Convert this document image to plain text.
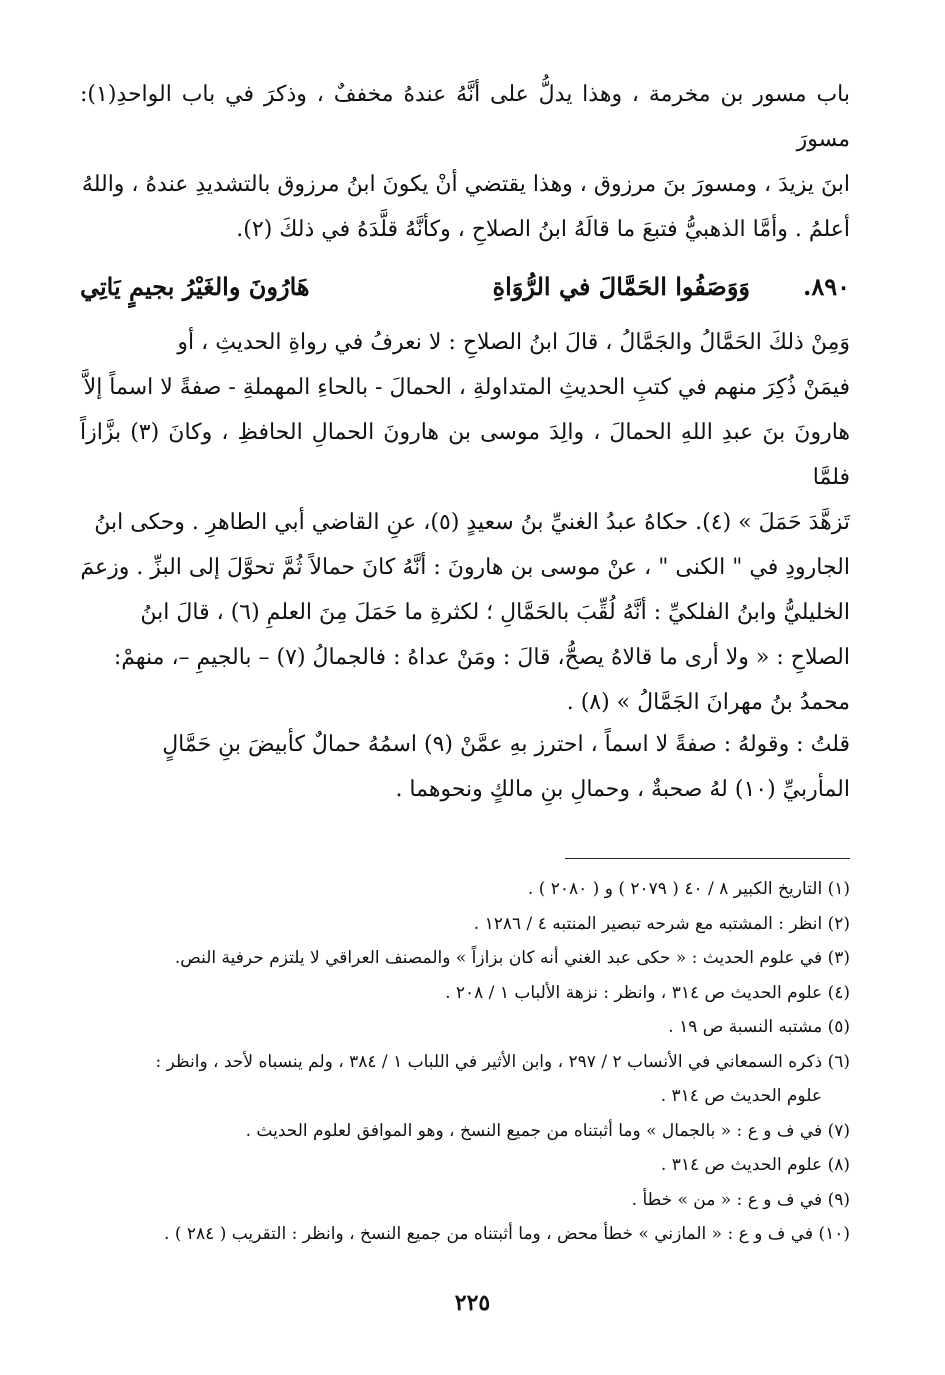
باب مسور بن مخرمة ، وهذا يدلُّ على أنَّهُ عندهُ مخففٌ ، وذكرَ في باب الواحدِ(١): مسورَ

ابنَ يزيدَ ، ومسورَ بنَ مرزوق ، وهذا يقتضي أنْ يكونَ ابنُ مرزوق بالتشديدِ عندهُ ، واللهُ

أعلمُ . وأمَّا الذهبيُّ فتبعَ ما قالَهُ ابنُ الصلاحِ ، وكأنَّهُ قلَّدَهُ في ذلكَ (٢).

٨٩٠.
وَوَصَفُوا الحَمَّالَ في الرُّوَاةِ
هَارُونَ والغَيْرُ بجيمٍ يَاتِي

وَمِنْ ذلكَ الحَمَّالُ والجَمَّالُ ، قالَ ابنُ الصلاحِ : لا نعرفُ في رواةِ الحديثِ ، أو

فيمَنْ ذُكِرَ منهم في كتبِ الحديثِ المتداولةِ ، الحمالَ - بالحاءِ المهملةِ - صفةً لا اسماً إلاَّ

هارونَ بنَ عبدِ اللهِ الحمالَ ، والِدَ موسى بن هارونَ الحمالِ الحافظِ ، وكانَ (٣) بزَّازاً فلمَّا

تَزهَّدَ حَمَلَ » (٤). حكاهُ عبدُ الغنيِّ بنُ سعيدٍ (٥)، عنِ القاضي أبي الطاهرِ . وحكى ابنُ

الجارودِ في " الكنى " ، عنْ موسى بن هارونَ : أنَّهُ كانَ حمالاً ثُمَّ تحوَّلَ إلى البزِّ . وزعمَ

الخليليُّ وابنُ الفلكيِّ : أنَّهُ لُقِّبَ بالحَمَّالِ ؛ لكثرةِ ما حَمَلَ مِنَ العلمِ (٦) ، قالَ ابنُ

الصلاحِ : « ولا أرى ما قالاهُ يصحُّ، قالَ : ومَنْ عداهُ : فالجمالُ (٧) – بالجيمِ –، منهمْ:

محمدُ بنُ مهرانَ الجَمَّالُ » (٨) .

قلتُ : وقولهُ : صفةً لا اسماً ، احترز بهِ عمَّنْ (٩) اسمُهُ حمالٌ كأبيضَ بنِ حَمَّالٍ

المأربيِّ (١٠) لهُ صحبةٌ ، وحمالِ بنِ مالكٍ ونحوهما .

(١) التاريخ الكبير ٨ / ٤٠ ( ٢٠٧٩ ) و ( ٢٠٨٠ ) .

(٢) انظر : المشتبه مع شرحه تبصير المنتبه ٤ / ١٢٨٦ .

(٣) في علوم الحديث : « حكى عبد الغني أنه كان بزازاً » والمصنف العراقي لا يلتزم حرفية النص.

(٤) علوم الحديث ص ٣١٤ ، وانظر : نزهة الألباب ١ / ٢٠٨ .

(٥) مشتبه النسبة ص ١٩ .

(٦) ذكره السمعاني في الأنساب ٢ / ٢٩٧ ، وابن الأثير في اللباب ١ / ٣٨٤ ، ولم ينسباه لأحد ، وانظر :

علوم الحديث ص ٣١٤ .

(٧) في ف و ع : « بالجمال » وما أثبتناه من جميع النسخ ، وهو الموافق لعلوم الحديث .

(٨) علوم الحديث ص ٣١٤ .

(٩) في ف و ع : « من » خطأ .

(١٠) في ف و ع : « المازني » خطأ محض ، وما أثبتناه من جميع النسخ ، وانظر : التقريب ( ٢٨٤ ) .

٢٢٥
